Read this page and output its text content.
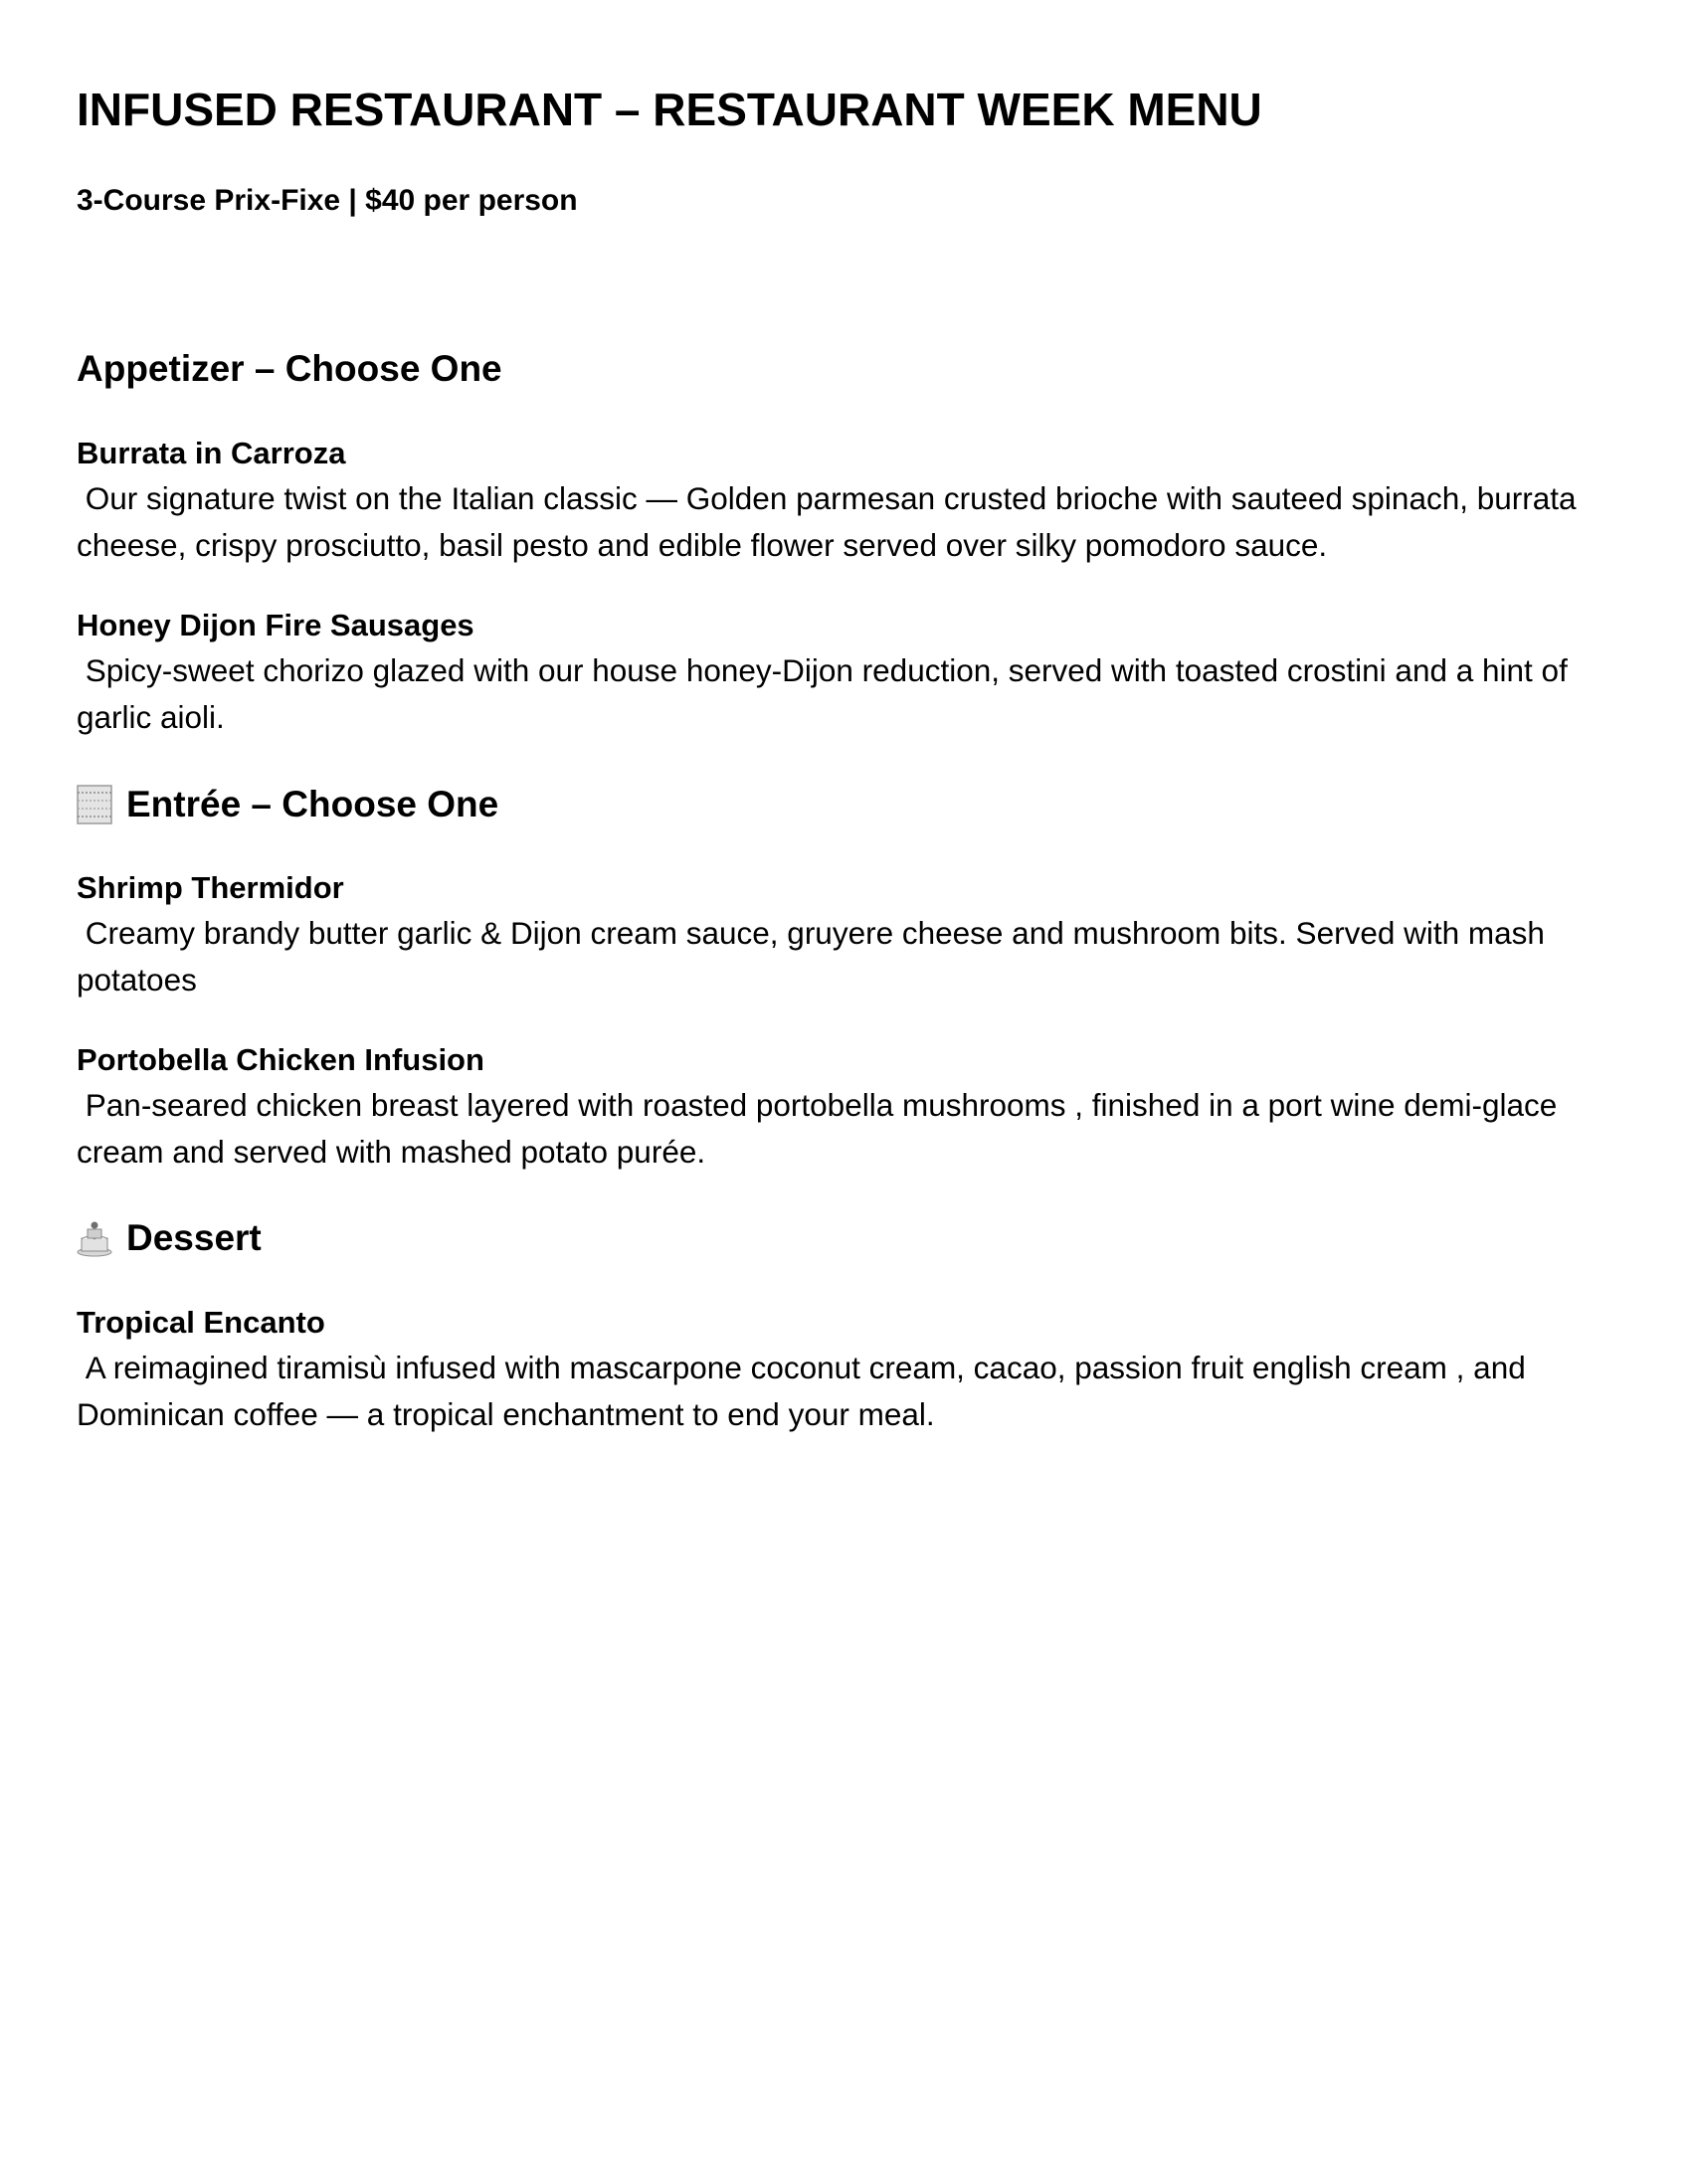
INFUSED RESTAURANT – RESTAURANT WEEK MENU

3-Course Prix-Fixe | $40 per person

Appetizer – Choose One

Burrata in Carroza

Our signature twist on the Italian classic — Golden parmesan crusted brioche with sauteed spinach, burrata cheese, crispy prosciutto, basil pesto and edible flower served over silky pomodoro sauce.

Honey Dijon Fire Sausages

Spicy-sweet chorizo glazed with our house honey-Dijon reduction, served with toasted crostini and a hint of garlic aioli.

Entrée – Choose One

Shrimp Thermidor

Creamy brandy butter garlic & Dijon cream sauce, gruyere cheese and mushroom bits. Served with mash potatoes

Portobella Chicken Infusion

Pan-seared chicken breast layered with roasted portobella mushrooms , finished in a port wine demi-glace cream and served with mashed potato purée.

Dessert

Tropical Encanto

A reimagined tiramisù infused with mascarpone coconut cream, cacao, passion fruit english cream , and Dominican coffee — a tropical enchantment to end your meal.
